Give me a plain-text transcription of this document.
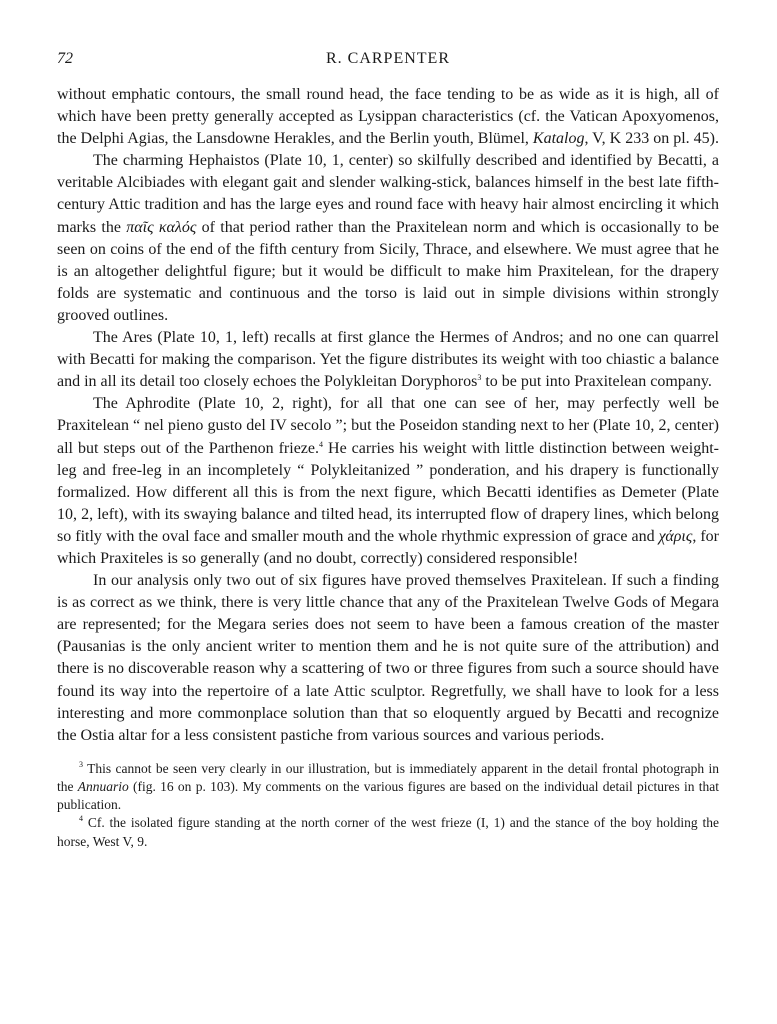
72	R. CARPENTER

without emphatic contours, the small round head, the face tending to be as wide as it is high, all of which have been pretty generally accepted as Lysippan characteristics (cf. the Vatican Apoxyomenos, the Delphi Agias, the Lansdowne Herakles, and the Berlin youth, Blümel, Katalog, V, K 233 on pl. 45).

The charming Hephaistos (Plate 10, 1, center) so skilfully described and identified by Becatti, a veritable Alcibiades with elegant gait and slender walking-stick, balances himself in the best late fifth-century Attic tradition and has the large eyes and round face with heavy hair almost encircling it which marks the παῖς καλός of that period rather than the Praxitelean norm and which is occasionally to be seen on coins of the end of the fifth century from Sicily, Thrace, and elsewhere. We must agree that he is an altogether delightful figure; but it would be difficult to make him Praxitelean, for the drapery folds are systematic and continuous and the torso is laid out in simple divisions within strongly grooved outlines.

The Ares (Plate 10, 1, left) recalls at first glance the Hermes of Andros; and no one can quarrel with Becatti for making the comparison. Yet the figure distributes its weight with too chiastic a balance and in all its detail too closely echoes the Polykleitan Doryphoros$^3$ to be put into Praxitelean company.

The Aphrodite (Plate 10, 2, right), for all that one can see of her, may perfectly well be Praxitelean “ nel pieno gusto del IV secolo ”; but the Poseidon standing next to her (Plate 10, 2, center) all but steps out of the Parthenon frieze.$^4$ He carries his weight with little distinction between weight-leg and free-leg in an incompletely “ Polykleitanized ” ponderation, and his drapery is functionally formalized. How different all this is from the next figure, which Becatti identifies as Demeter (Plate 10, 2, left), with its swaying balance and tilted head, its interrupted flow of drapery lines, which belong so fitly with the oval face and smaller mouth and the whole rhythmic expression of grace and χάρις, for which Praxiteles is so generally (and no doubt, correctly) considered responsible!

In our analysis only two out of six figures have proved themselves Praxitelean. If such a finding is as correct as we think, there is very little chance that any of the Praxitelean Twelve Gods of Megara are represented; for the Megara series does not seem to have been a famous creation of the master (Pausanias is the only ancient writer to mention them and he is not quite sure of the attribution) and there is no discoverable reason why a scattering of two or three figures from such a source should have found its way into the repertoire of a late Attic sculptor. Regretfully, we shall have to look for a less interesting and more commonplace solution than that so eloquently argued by Becatti and recognize the Ostia altar for a less consistent pastiche from various sources and various periods.

$^3$ This cannot be seen very clearly in our illustration, but is immediately apparent in the detail frontal photograph in the Annuario (fig. 16 on p. 103). My comments on the various figures are based on the individual detail pictures in that publication.

$^4$ Cf. the isolated figure standing at the north corner of the west frieze (I, 1) and the stance of the boy holding the horse, West V, 9.
